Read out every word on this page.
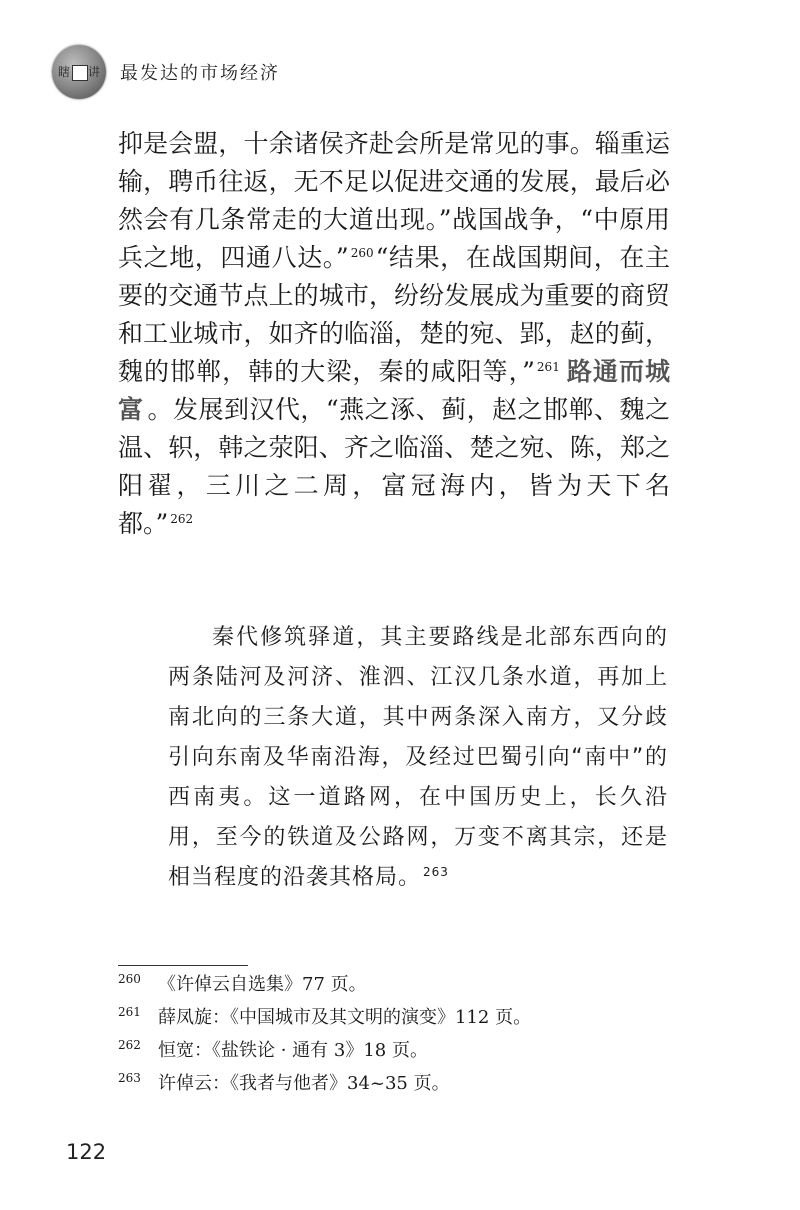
瞎 讲 最发达的市场经济

抑是会盟，十余诸侯齐赴会所是常见的事。辎重运输，聘币往返，无不足以促进交通的发展，最后必然会有几条常走的大道出现。”战国战争，“中原用兵之地，四通八达。” $^{260}$“结果，在战国期间，在主要的交通节点上的城市，纷纷发展成为重要的商贸和工业城市，如齐的临淄，楚的宛、郢，赵的蓟，魏的邯郸，韩的大梁，秦的咸阳等，” $^{261}$ 路通而城富 。发展到汉代，“燕之涿、蓟，赵之邯郸、魏之温、轵，韩之荥阳、齐之临淄、楚之宛、陈，郑之阳翟，三川之二周，富冠海内，皆为天下名都。” $^{262}$

秦代修筑驿道，其主要路线是北部东西向的两条陆河及河济、淮泗、江汉几条水道，再加上南北向的三条大道，其中两条深入南方，又分歧引向东南及华南沿海，及经过巴蜀引向“南中”的西南夷。这一道路网，在中国历史上，长久沿用，至今的铁道及公路网，万变不离其宗，还是相当程度的沿袭其格局。 $^{263}$

260 《许倬云自选集》77 页。
261 薛凤旋：《中国城市及其文明的演变》112 页。
262 恒宽：《盐铁论 · 通有 3》18 页。
263 许倬云：《我者与他者》34~35 页。
122
